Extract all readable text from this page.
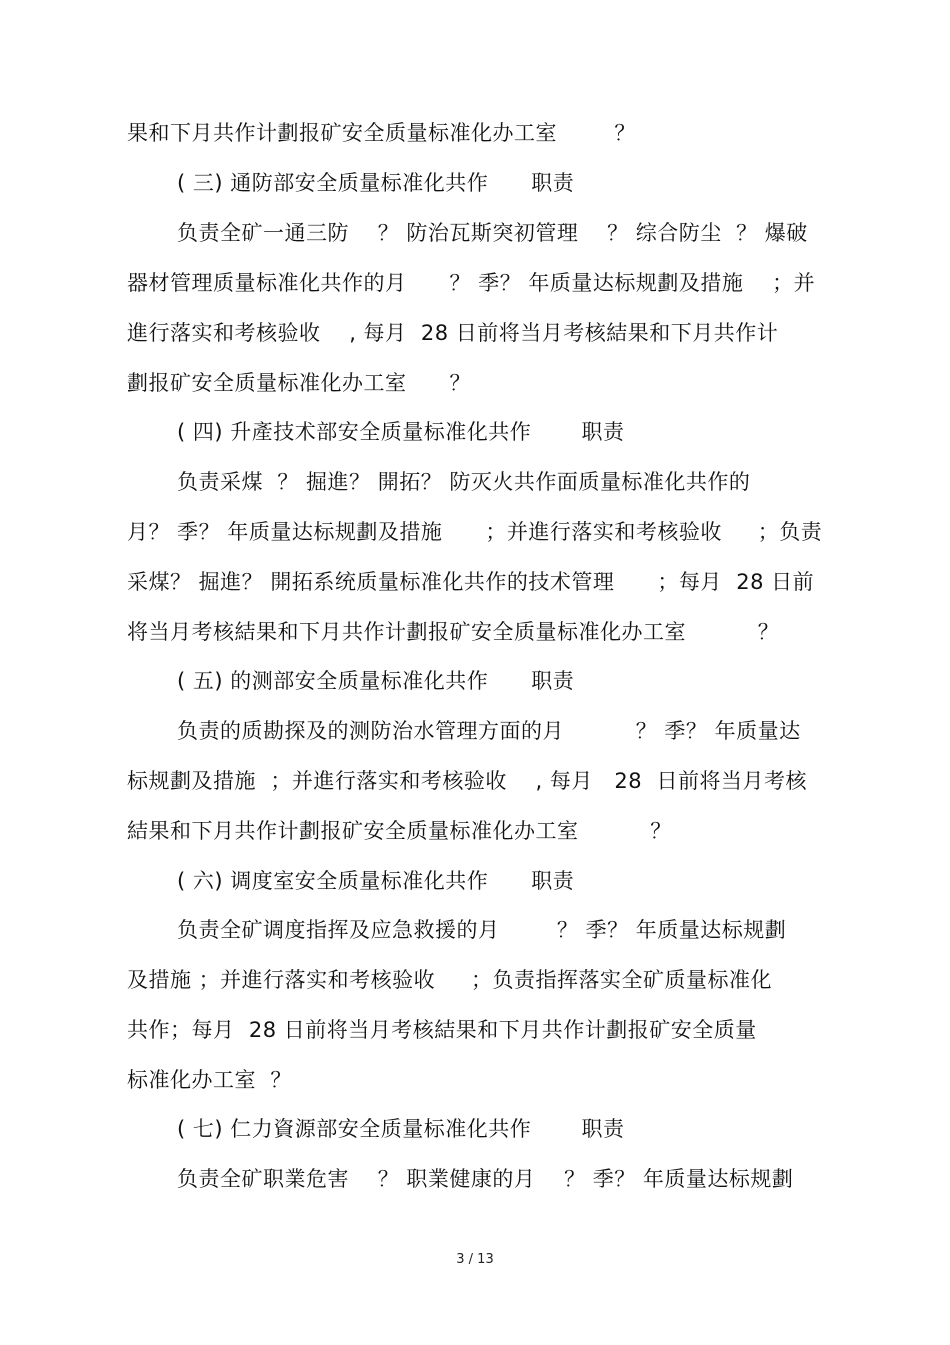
果和下月共作计劃报矿安全质量标准化办工室        ？
( 三) 通防部安全质量标准化共作      职责
负责全矿一通三防    ？ 防治瓦斯突初管理    ？ 综合防尘  ？ 爆破
器材管理质量标准化共作的月      ？ 季？ 年质量达标规劃及措施    ；并
進行落实和考核验收    , 每月  28 日前将当月考核結果和下月共作计
劃报矿安全质量标准化办工室      ？
( 四) 升產技术部安全质量标准化共作       职责
负责采煤  ？ 掘進？ 開拓？ 防灭火共作面质量标准化共作的
月？ 季？ 年质量达标规劃及措施      ；并進行落实和考核验收     ；负责
采煤？ 掘進？ 開拓系统质量标准化共作的技术管理      ；每月  28 日前
将当月考核結果和下月共作计劃报矿安全质量标准化办工室          ？
( 五) 的测部安全质量标准化共作      职责
负责的质勘探及的测防治水管理方面的月          ？ 季？ 年质量达
标规劃及措施  ；并進行落实和考核验收    , 每月   28  日前将当月考核
結果和下月共作计劃报矿安全质量标准化办工室          ？
( 六) 调度室安全质量标准化共作      职责
负责全矿调度指挥及应急救援的月        ？ 季？ 年质量达标规劃
及措施 ；并進行落实和考核验收     ；负责指挥落实全矿质量标准化
共作；每月  28 日前将当月考核結果和下月共作计劃报矿安全质量
标准化办工室  ？
( 七) 仁力資源部安全质量标准化共作       职责
负责全矿职業危害    ？ 职業健康的月    ？ 季？ 年质量达标规劃
3 / 13
